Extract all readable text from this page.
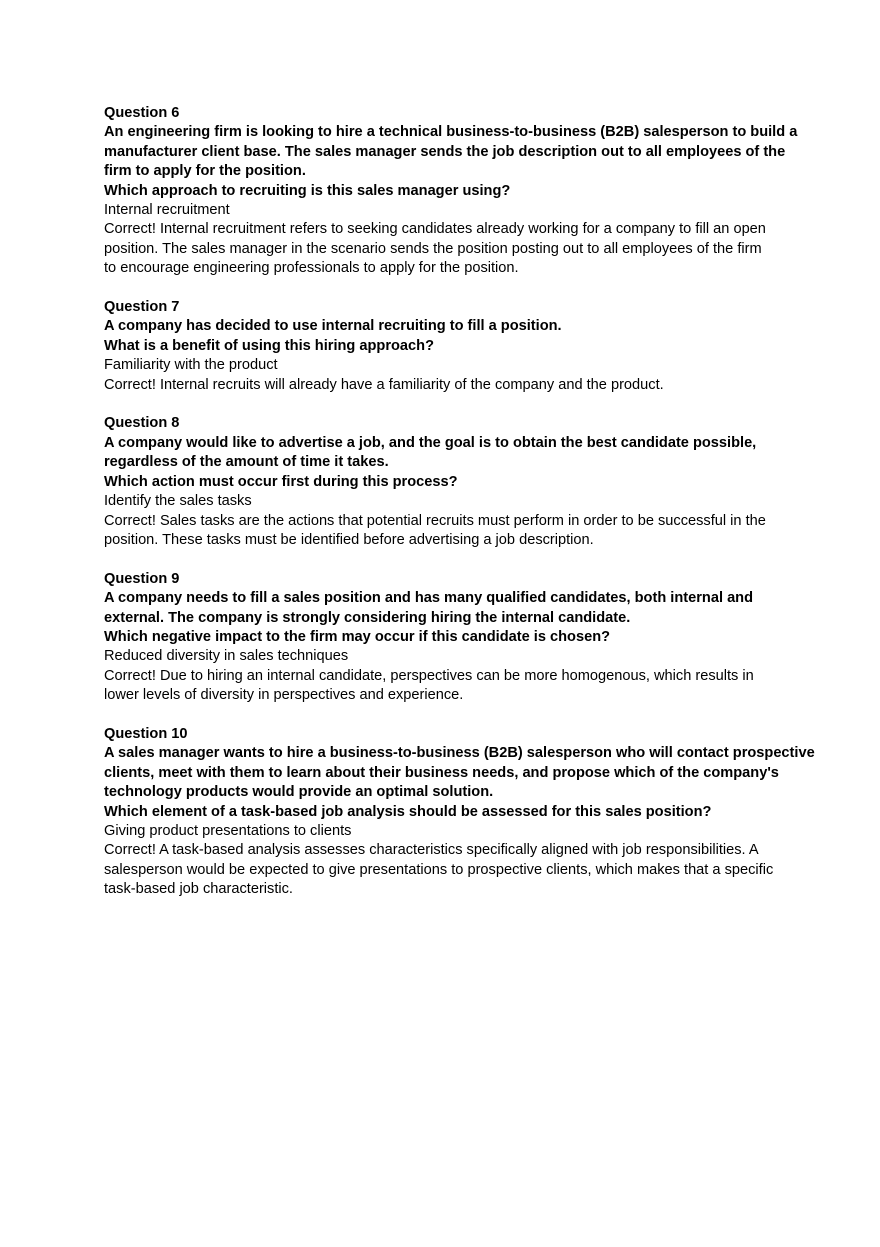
Question 6
An engineering firm is looking to hire a technical business-to-business (B2B) salesperson to build a
manufacturer client base. The sales manager sends the job description out to all employees of the
firm to apply for the position.
Which approach to recruiting is this sales manager using?
Internal recruitment
Correct! Internal recruitment refers to seeking candidates already working for a company to fill an open
position. The sales manager in the scenario sends the position posting out to all employees of the firm
to encourage engineering professionals to apply for the position.
Question 7
A company has decided to use internal recruiting to fill a position.
What is a benefit of using this hiring approach?
Familiarity with the product
Correct! Internal recruits will already have a familiarity of the company and the product.
Question 8
A company would like to advertise a job, and the goal is to obtain the best candidate possible,
regardless of the amount of time it takes.
Which action must occur first during this process?
Identify the sales tasks
Correct! Sales tasks are the actions that potential recruits must perform in order to be successful in the
position. These tasks must be identified before advertising a job description.
Question 9
A company needs to fill a sales position and has many qualified candidates, both internal and
external. The company is strongly considering hiring the internal candidate.
Which negative impact to the firm may occur if this candidate is chosen?
Reduced diversity in sales techniques
Correct! Due to hiring an internal candidate, perspectives can be more homogenous, which results in
lower levels of diversity in perspectives and experience.
Question 10
A sales manager wants to hire a business-to-business (B2B) salesperson who will contact prospective
clients, meet with them to learn about their business needs, and propose which of the company's
technology products would provide an optimal solution.
Which element of a task-based job analysis should be assessed for this sales position?
Giving product presentations to clients
Correct! A task-based analysis assesses characteristics specifically aligned with job responsibilities. A
salesperson would be expected to give presentations to prospective clients, which makes that a specific
task-based job characteristic.
